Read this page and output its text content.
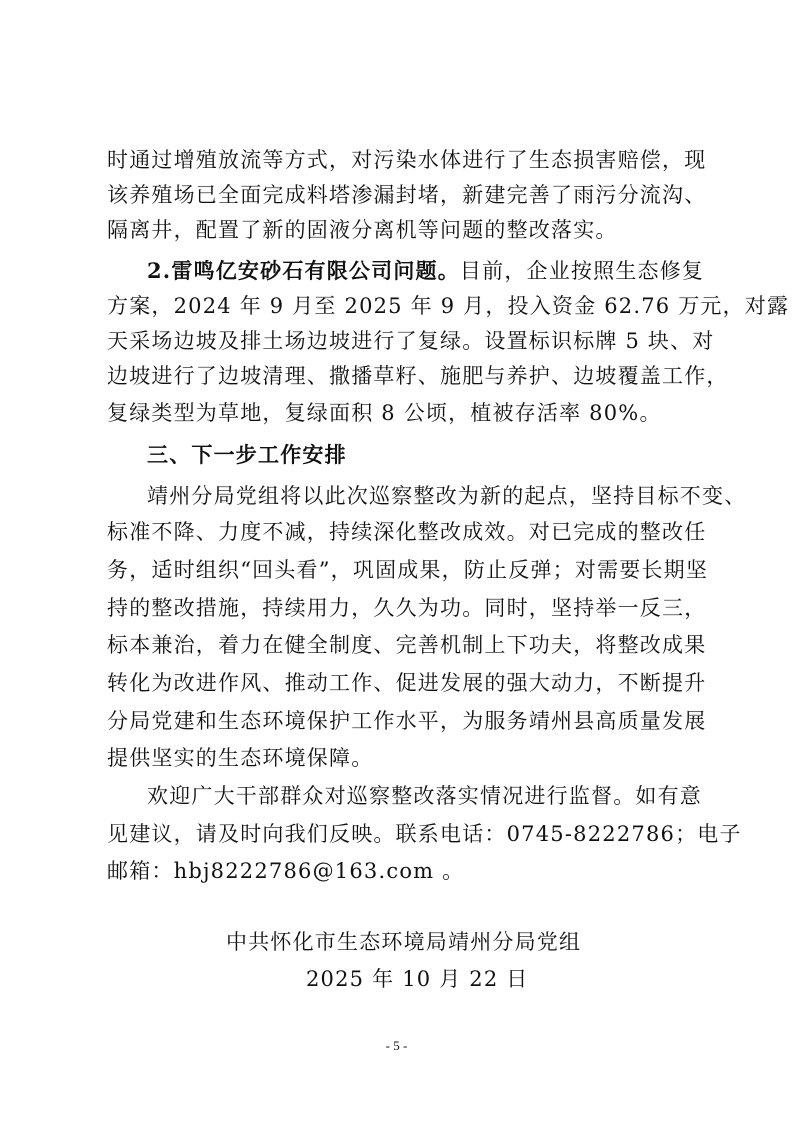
时通过增殖放流等方式，对污染水体进行了生态损害赔偿，现
该养殖场已全面完成料塔渗漏封堵，新建完善了雨污分流沟、
隔离井，配置了新的固液分离机等问题的整改落实。
2.雷鸣亿安砂石有限公司问题。目前，企业按照生态修复
方案，2024 年 9 月至 2025 年 9 月，投入资金 62.76 万元，对露
天采场边坡及排土场边坡进行了复绿。设置标识标牌 5 块、对
边坡进行了边坡清理、撒播草籽、施肥与养护、边坡覆盖工作，
复绿类型为草地，复绿面积 8 公顷，植被存活率 80%。
三、下一步工作安排
靖州分局党组将以此次巡察整改为新的起点，坚持目标不变、
标准不降、力度不减，持续深化整改成效。对已完成的整改任
务，适时组织“回头看”，巩固成果，防止反弹；对需要长期坚
持的整改措施，持续用力，久久为功。同时，坚持举一反三，
标本兼治，着力在健全制度、完善机制上下功夫，将整改成果
转化为改进作风、推动工作、促进发展的强大动力，不断提升
分局党建和生态环境保护工作水平，为服务靖州县高质量发展
提供坚实的生态环境保障。
欢迎广大干部群众对巡察整改落实情况进行监督。如有意
见建议，请及时向我们反映。联系电话：0745-8222786；电子
邮箱：hbj8222786@163.com 。
中共怀化市生态环境局靖州分局党组
2025 年 10 月 22 日
- 5 -
